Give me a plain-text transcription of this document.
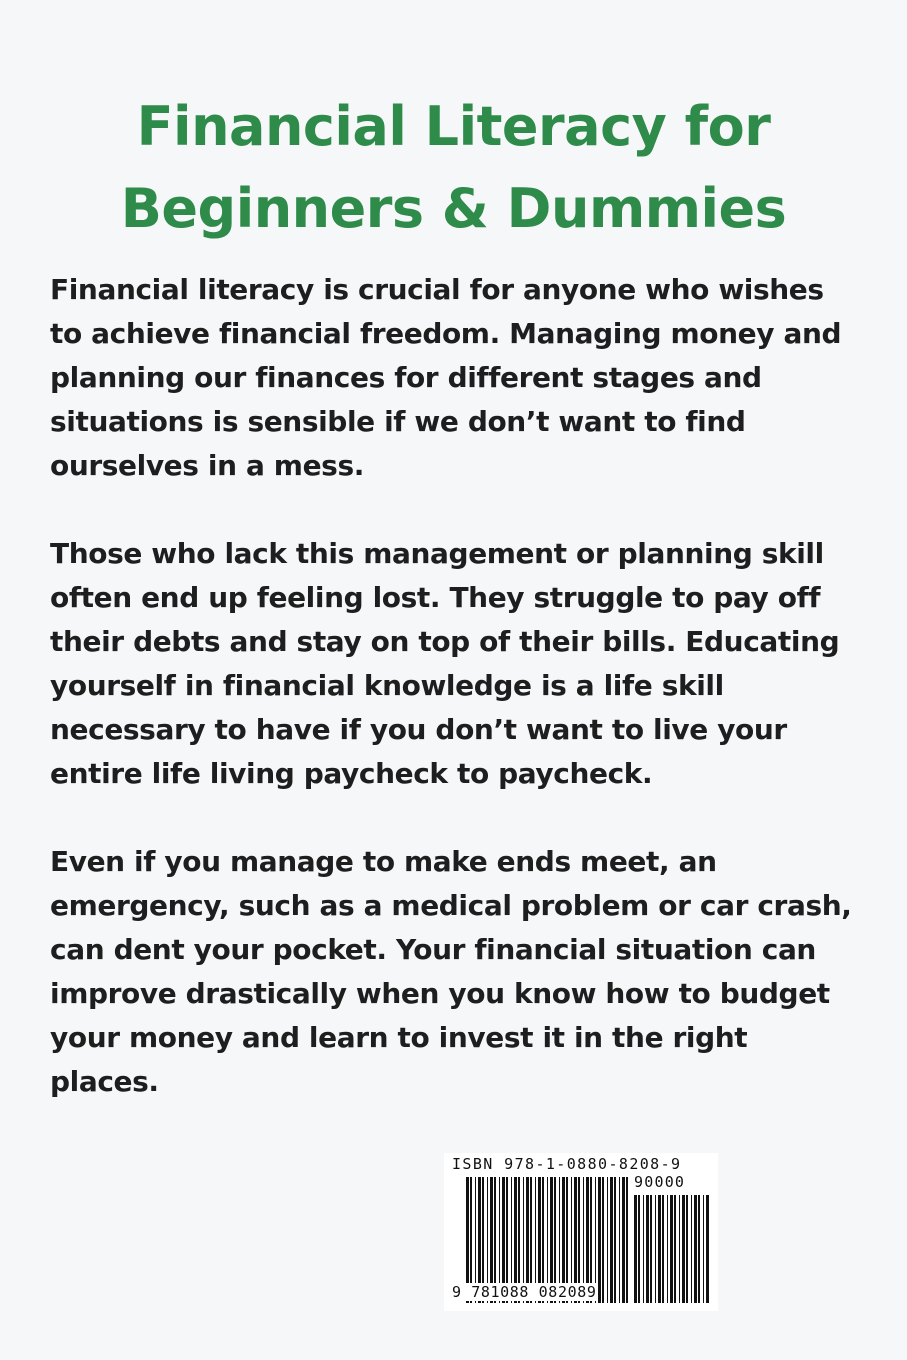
Financial Literacy for
Beginners & Dummies
Financial literacy is crucial for anyone who wishes
to achieve financial freedom. Managing money and
planning our finances for different stages and
situations is sensible if we don’t want to find
ourselves in a mess.
Those who lack this management or planning skill
often end up feeling lost. They struggle to pay off
their debts and stay on top of their bills. Educating
yourself in financial knowledge is a life skill
necessary to have if you don’t want to live your
entire life living paycheck to paycheck.
Even if you manage to make ends meet, an
emergency, such as a medical problem or car crash,
can dent your pocket. Your financial situation can
improve drastically when you know how to budget
your money and learn to invest it in the right
places.
ISBN 978-1-0880-8208-9
90000
9 781088 082089
